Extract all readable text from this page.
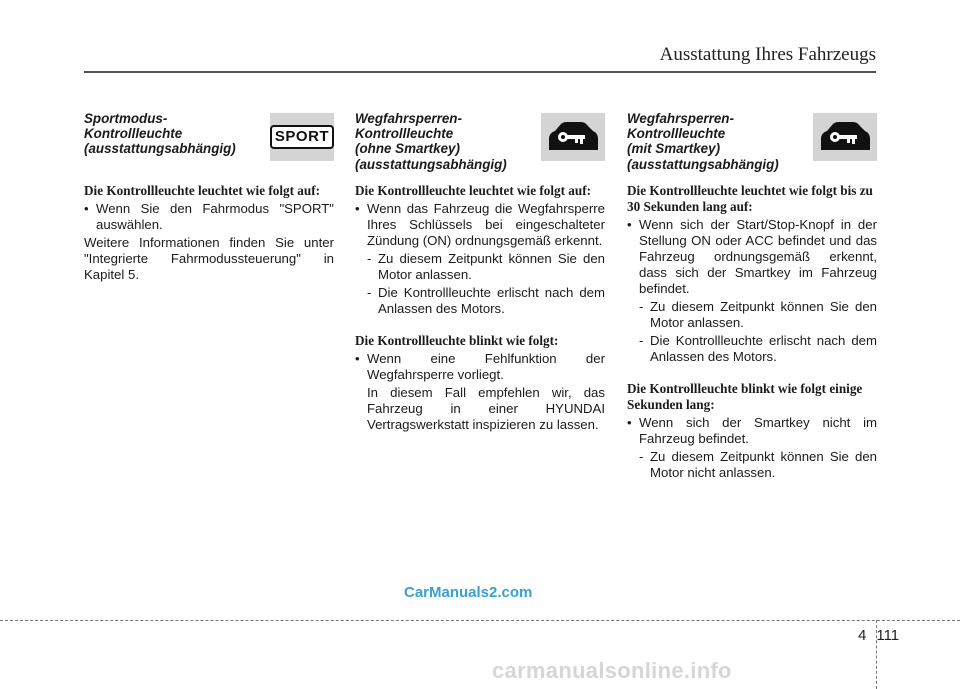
Ausstattung Ihres Fahrzeugs
Sportmodus-
Kontrollleuchte
(ausstattungsabhängig)
SPORT

Die Kontrollleuchte leuchtet wie folgt auf:

• Wenn Sie den Fahrmodus "SPORT" auswählen.

Weitere Informationen finden Sie unter "Integrierte Fahrmodussteuerung" in Kapitel 5.

Wegfahrsperren-
Kontrollleuchte
(ohne Smartkey)
(ausstattungsabhängig)

Die Kontrollleuchte leuchtet wie folgt auf:

• Wenn das Fahrzeug die Wegfahrsperre Ihres Schlüssels bei eingeschalteter Zündung (ON) ordnungsgemäß erkennt.

- Zu diesem Zeitpunkt können Sie den Motor anlassen.

- Die Kontrollleuchte erlischt nach dem Anlassen des Motors.

Die Kontrollleuchte blinkt wie folgt:

• Wenn eine Fehlfunktion der Wegfahrsperre vorliegt.

In diesem Fall empfehlen wir, das Fahrzeug in einer HYUNDAI Vertragswerkstatt inspizieren zu lassen.

Wegfahrsperren-
Kontrollleuchte
(mit Smartkey)
(ausstattungsabhängig)

Die Kontrollleuchte leuchtet wie folgt bis zu 30 Sekunden lang auf:

• Wenn sich der Start/Stop-Knopf in der Stellung ON oder ACC befindet und das Fahrzeug ordnungsgemäß erkennt, dass sich der Smartkey im Fahrzeug befindet.

- Zu diesem Zeitpunkt können Sie den Motor anlassen.

- Die Kontrollleuchte erlischt nach dem Anlassen des Motors.

Die Kontrollleuchte blinkt wie folgt einige Sekunden lang:

• Wenn sich der Smartkey nicht im Fahrzeug befindet.

- Zu diesem Zeitpunkt können Sie den Motor nicht anlassen.

CarManuals2.com
4 111
carmanualsonline.info
